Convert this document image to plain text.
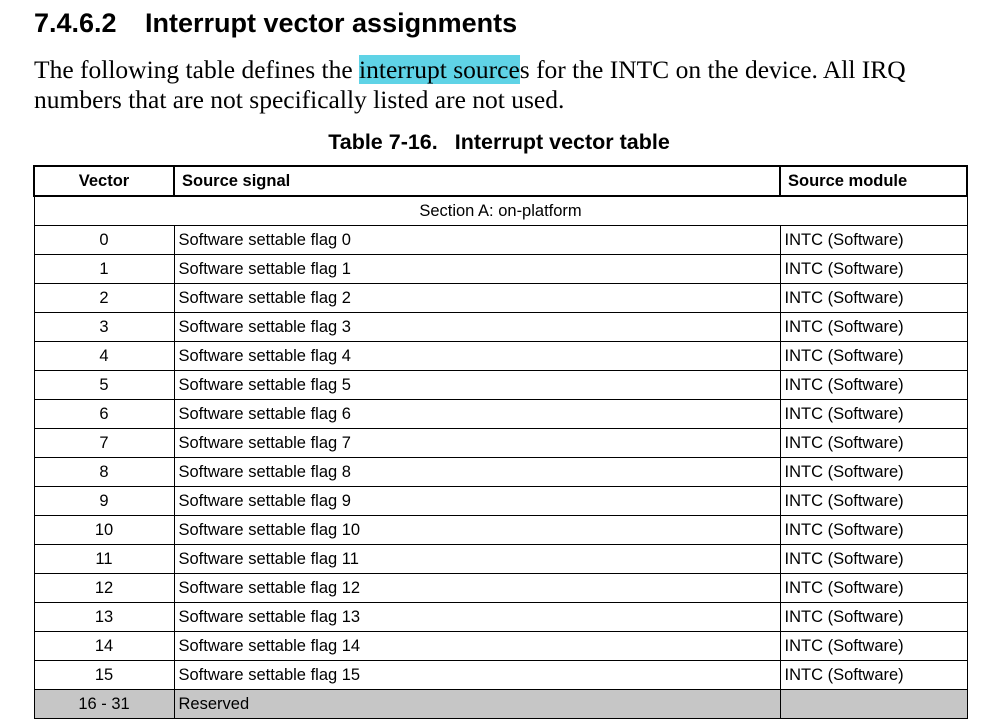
7.4.6.2 Interrupt vector assignments
The following table defines the interrupt sources for the INTC on the device. All IRQ numbers that are not specifically listed are not used.
Table 7-16. Interrupt vector table
Vector	Source signal	Source module
Section A: on-platform		
0	Software settable flag 0	INTC (Software)
1	Software settable flag 1	INTC (Software)
2	Software settable flag 2	INTC (Software)
3	Software settable flag 3	INTC (Software)
4	Software settable flag 4	INTC (Software)
5	Software settable flag 5	INTC (Software)
6	Software settable flag 6	INTC (Software)
7	Software settable flag 7	INTC (Software)
8	Software settable flag 8	INTC (Software)
9	Software settable flag 9	INTC (Software)
10	Software settable flag 10	INTC (Software)
11	Software settable flag 11	INTC (Software)
12	Software settable flag 12	INTC (Software)
13	Software settable flag 13	INTC (Software)
14	Software settable flag 14	INTC (Software)
15	Software settable flag 15	INTC (Software)
16 - 31	Reserved	
